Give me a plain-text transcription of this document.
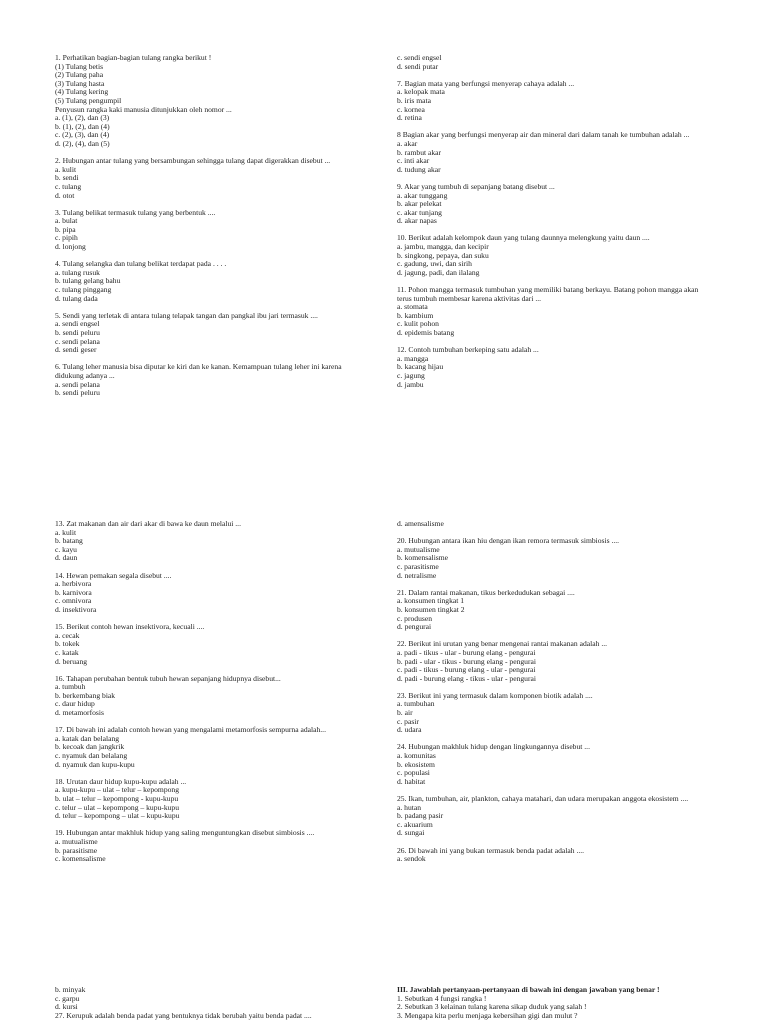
1. Perhatikan bagian-bagian tulang rangka berikut !
(1) Tulang betis
(2) Tulang paha
(3) Tulang hasta
(4) Tulang kering
(5) Tulang pengumpil
Penyusun rangka kaki manusia ditunjukkan oleh nomor ...
a. (1), (2), dan (3)
b. (1), (2), dan (4)
c. (2), (3), dan (4)
d. (2), (4), dan (5)
2. Hubungan antar tulang yang bersambungan sehingga tulang dapat digerakkan disebut ...
a. kulit
b. sendi
c. tulang
d. otot
3. Tulang belikat termasuk tulang yang berbentuk ....
a. bulat
b. pipa
c. pipih
d. lonjong
4. Tulang selangka dan tulang belikat terdapat pada . . . .
a. tulang rusuk
b. tulang gelang bahu
c. tulang pinggang
d. tulang dada
5. Sendi yang terletak di antara tulang telapak tangan dan pangkal ibu jari termasuk ....
a. sendi engsel
b. sendi peluru
c. sendi pelana
d. sendi geser
6. Tulang leher manusia bisa diputar ke kiri dan ke kanan. Kemampuan tulang leher ini karena
didukung adanya ...
a. sendi pelana
b. sendi peluru
c. sendi engsel
d. sendi putar
7. Bagian mata yang berfungsi menyerap cahaya adalah ...
a. kelopak mata
b. iris mata
c. kornea
d. retina
8 Bagian akar yang berfungsi menyerap air dan mineral dari dalam tanah ke tumbuhan adalah ...
a. akar
b. rambut akar
c. inti akar
d. tudung akar
9. Akar yang tumbuh di sepanjang batang disebut ...
a. akar tunggang
b. akar pelekat
c. akar tunjang
d. akar napas
10. Berikut adalah kelompok daun yang tulang daunnya melengkung yaitu daun ....
a. jambu, mangga, dan kecipir
b. singkong, pepaya, dan suku
c. gadung, uwi, dan sirih
d. jagung, padi, dan ilalang
11. Pohon mangga termasuk tumbuhan yang memiliki batang berkayu. Batang pohon mangga akan
terus tumbuh membesar karena aktivitas dari ...
a. stomata
b. kambium
c. kulit pohon
d. epidemis batang
12. Contoh tumbuhan berkeping satu adalah ...
a. mangga
b. kacang hijau
c. jagung
d. jambu
13. Zat makanan dan air dari akar di bawa ke daun melalui ...
a. kulit
b. batang
c. kayu
d. daun
14. Hewan pemakan segala disebut ....
a. herbivora
b. karnivora
c. omnivora
d. insektivora
15. Berikut contoh hewan insektivora, kecuali ....
a. cecak
b. tokek
c. katak
d. beruang
16. Tahapan perubahan bentuk tubuh hewan sepanjang hidupnya disebut...
a. tumbuh
b. berkembang biak
c. daur hidup
d. metamorfosis
17. Di bawah ini adalah contoh hewan yang mengalami metamorfosis sempurna adalah...
a. katak dan belalang
b. kecoak dan jangkrik
c. nyamuk dan belalang
d. nyamuk dan kupu-kupu
18. Urutan daur hidup kupu-kupu adalah ...
a. kupu-kupu – ulat – telur – kepompong
b. ulat – telur – kepompong - kupu-kupu
c. telur – ulat – kepompong – kupu-kupu
d. telur – kepompong – ulat – kupu-kupu
19. Hubungan antar makhluk hidup yang saling menguntungkan disebut simbiosis ....
a. mutualisme
b. parasitisme
c. komensalisme
d. amensalisme
20. Hubungan antara ikan hiu dengan ikan remora termasuk simbiosis ....
a. mutualisme
b. komensalisme
c. parasitisme
d. netralisme
21. Dalam rantai makanan, tikus berkedudukan sebagai ....
a. konsumen tingkat 1
b. konsumen tingkat 2
c. produsen
d. pengurai
22. Berikut ini urutan yang benar mengenai rantai makanan adalah ...
a. padi - tikus - ular - burung elang - pengurai
b. padi - ular - tikus - burung elang - pengurai
c. padi - tikus - burung elang - ular - pengurai
d. padi - burung elang - tikus - ular - pengurai
23. Berikut ini yang termasuk dalam komponen biotik adalah ....
a. tumbuhan
b. air
c. pasir
d. udara
24. Hubungan makhluk hidup dengan lingkungannya disebut ...
a. komunitas
b. ekosistem
c. populasi
d. habitat
25. Ikan, tumbuhan, air, plankton, cahaya matahari, dan udara merupakan anggota ekosistem ....
a. hutan
b. padang pasir
c. akuarium
d. sungai
26. Di bawah ini yang bukan termasuk benda padat adalah ....
a. sendok
b. minyak
c. garpu
d. kursi
27. Kerupuk adalah benda padat yang bentuknya tidak berubah yaitu benda padat ....
III. Jawablah pertanyaan-pertanyaan di bawah ini dengan jawaban yang benar !
1. Sebutkan 4 fungsi rangka !
2. Sebutkan 3 kelainan tulang karena sikap duduk yang salah !
3. Mengapa kita perlu menjaga kebersihan gigi dan mulut ?
